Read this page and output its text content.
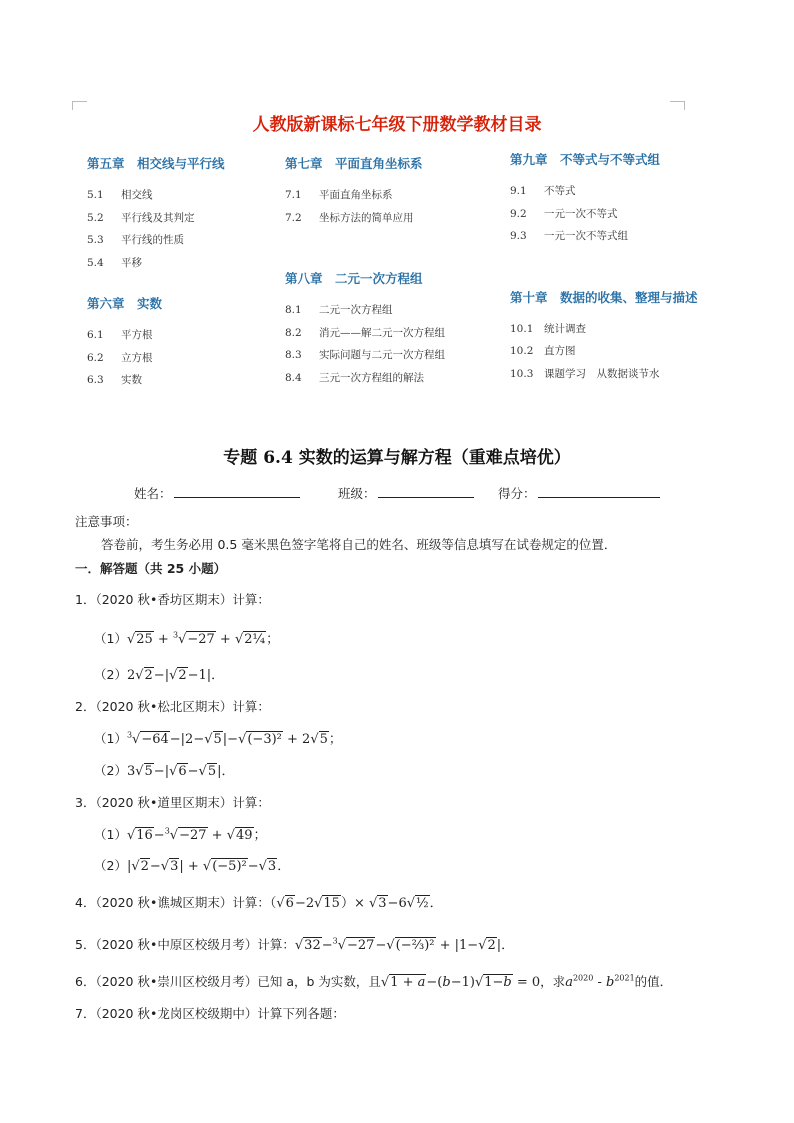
人教版新课标七年级下册数学教材目录
第五章　相交线与平行线
5.1 相交线
5.2 平行线及其判定
5.3 平行线的性质
5.4 平移
第六章　实数
6.1 平方根
6.2 立方根
6.3 实数
第七章　平面直角坐标系
7.1 平面直角坐标系
7.2 坐标方法的简单应用
第八章　二元一次方程组
8.1 二元一次方程组
8.2 消元——解二元一次方程组
8.3 实际问题与二元一次方程组
8.4 三元一次方程组的解法
第九章　不等式与不等式组
9.1 不等式
9.2 一元一次不等式
9.3 一元一次不等式组
第十章　数据的收集、整理与描述
10.1 统计调查
10.2 直方图
10.3 课题学习　从数据谈节水
专题 6.4 实数的运算与解方程（重难点培优）
姓名：	班级：	得分：
注意事项：
答卷前，考生务必用 0.5 毫米黑色签字笔将自己的姓名、班级等信息填写在试卷规定的位置．
一．解答题（共 25 小题）
1．（2020 秋•香坊区期末）计算：
（1）√25 + $^3$√−27 + √2¼；
（2）2√2−|√2−1|．
2．（2020 秋•松北区期末）计算：
$(1)^3√-64-|2-√5|-√(-3)^2 + 2√5$；
（2）3√5−|√6−√5|．
3．（2020 秋•道里区期末）计算：
（1）√16−$^3$√−27 + √49；
（2）|√2−√3| + √(−5)²−√3．
4．（2020 秋•谯城区期末）计算：（√6−2√15）× √3−6√½．
5．（2020 秋•中原区校级月考）计算：√32−$^3$√−27−√(−⅔)² + |1−√2|．
6．（2020 秋•崇川区校级月考）已知 a，b 为实数，且√1 + a−(b−1)√1−b = 0，求$a^{2020} - b^{2021}$的值．
7．（2020 秋•龙岗区校级期中）计算下列各题：
